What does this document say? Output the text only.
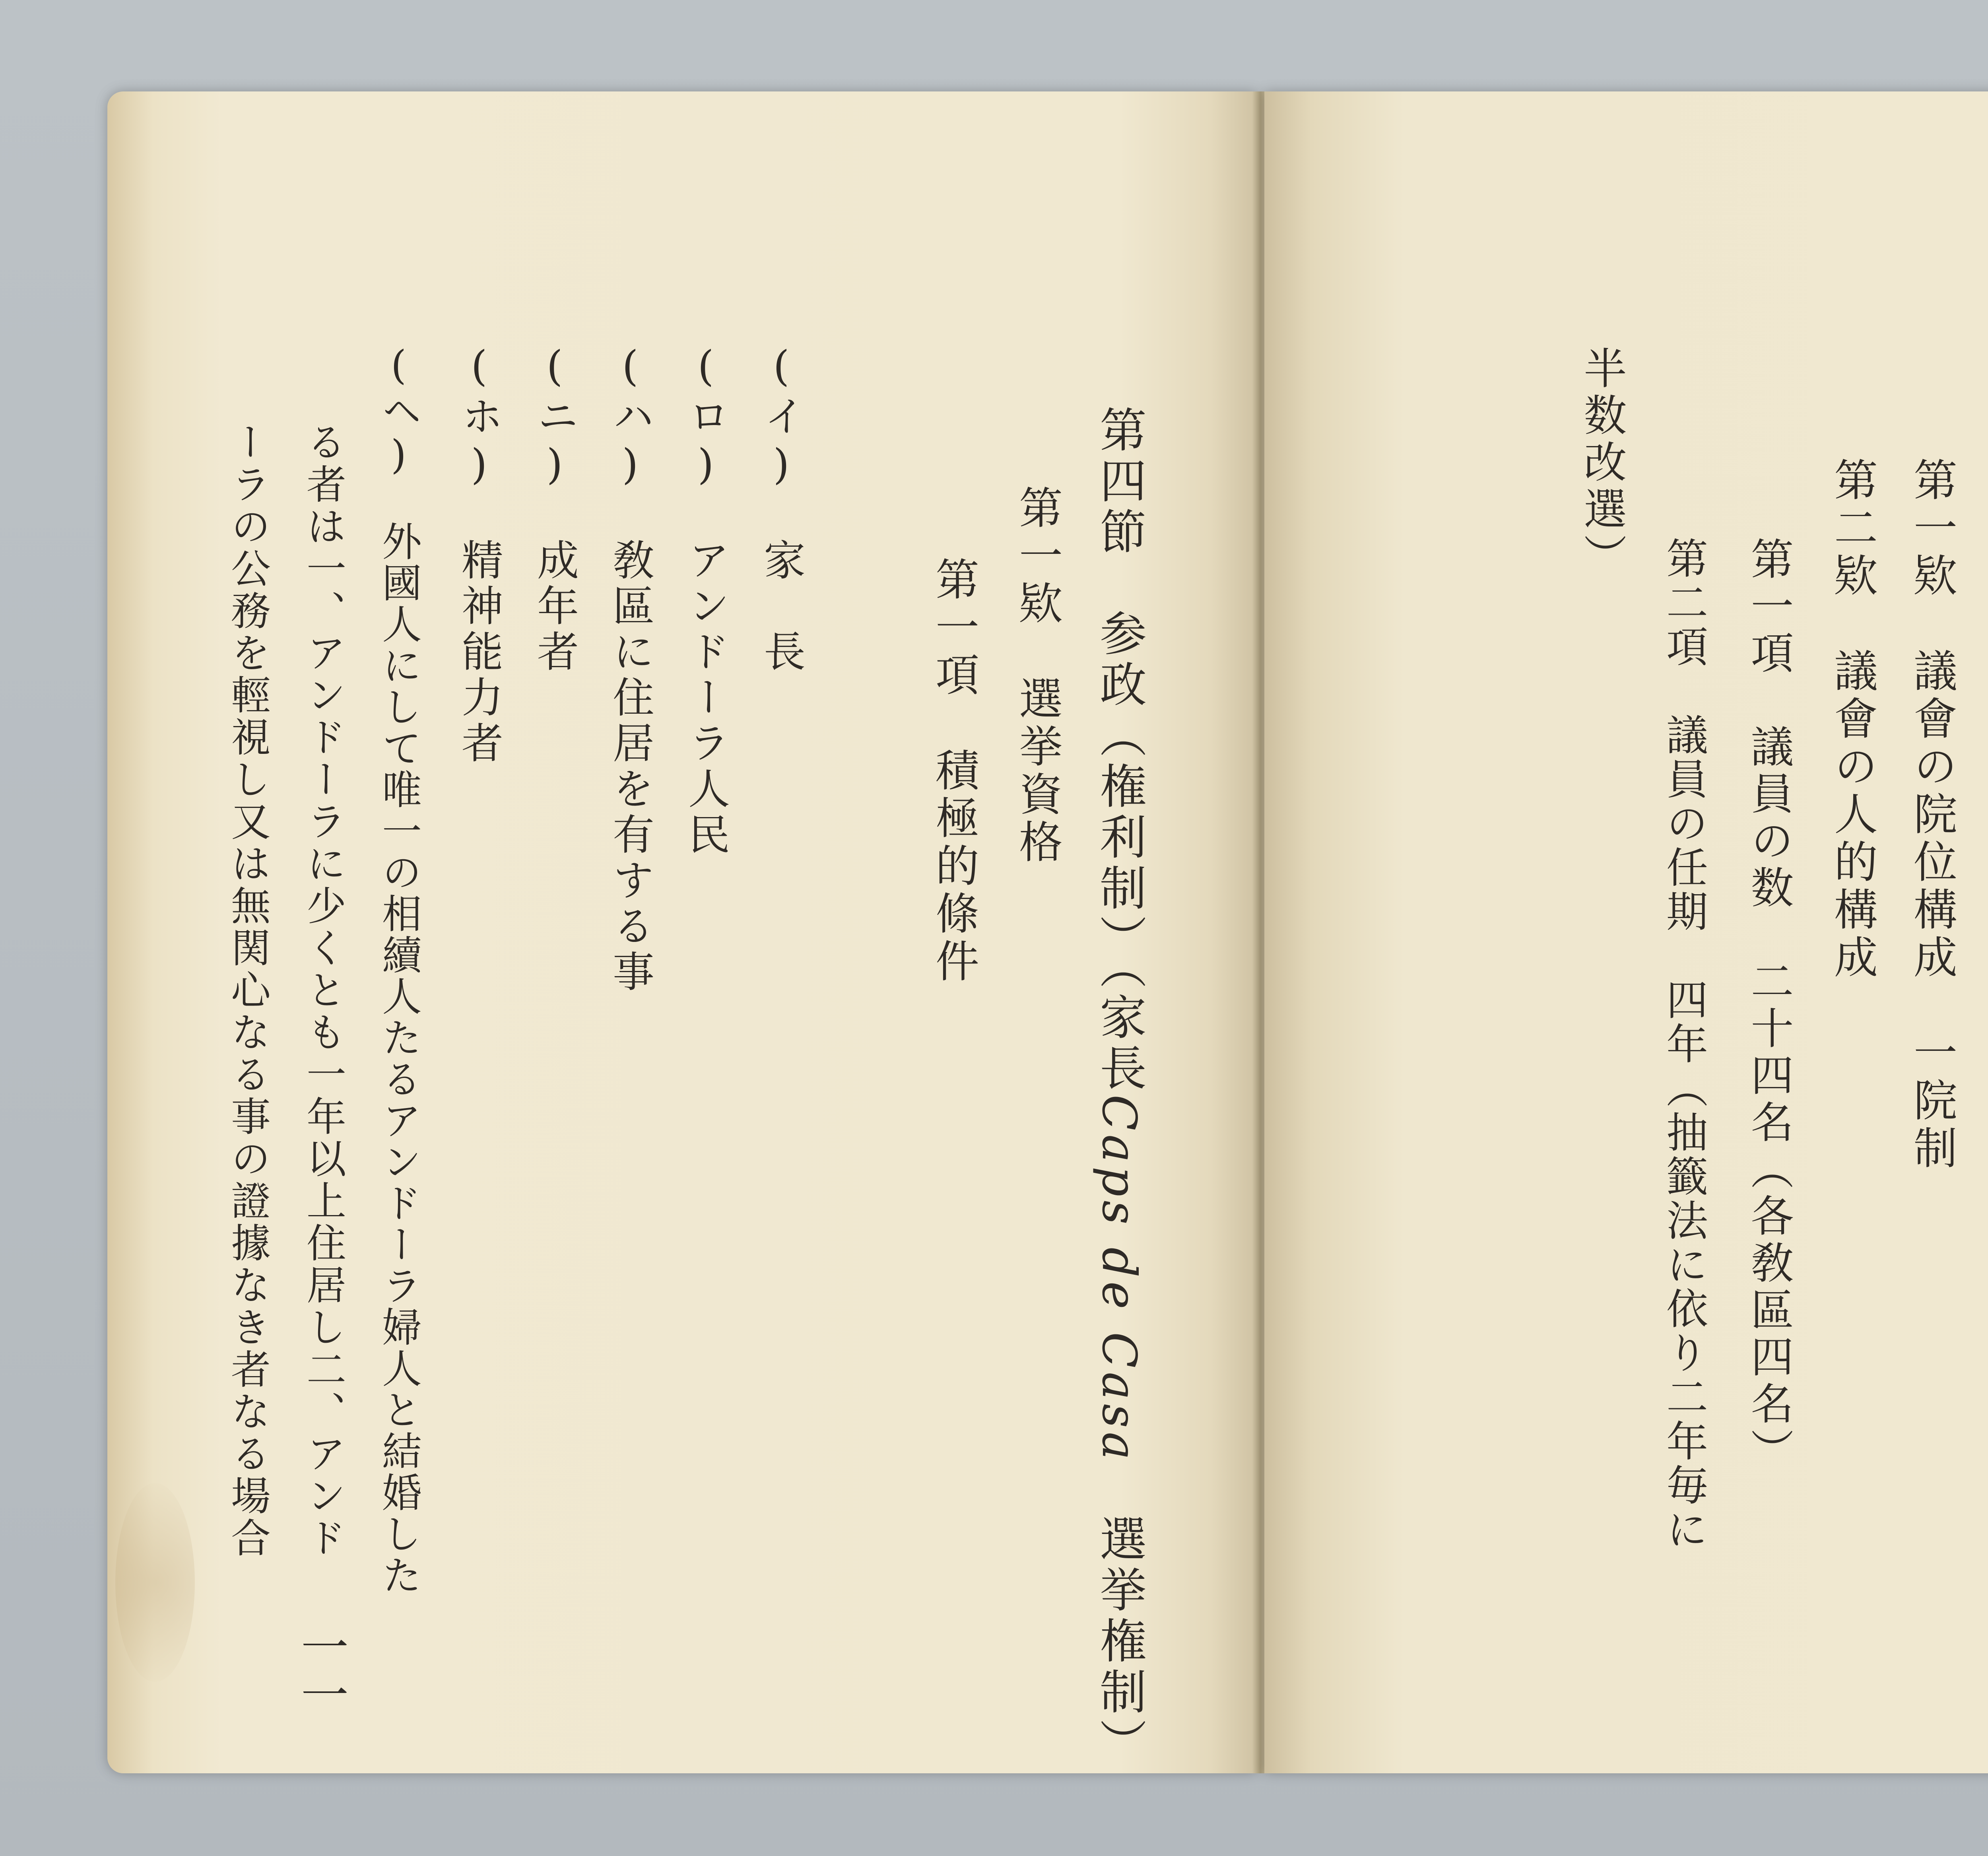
第四節　参政（権利制）（家長Caps de Casa　選挙権制）
第一欵　選挙資格
第一項　積極的條件
(イ)　家　長
(ロ)　アンドーラ人民
(ハ)　敎區に住居を有する事
(ニ)　成年者
(ホ)　精神能力者
(ヘ)　外國人にして唯一の相續人たるアンドーラ婦人と結婚した
る者は一、アンドーラに少くとも一年以上住居し二、アンド
ーラの公務を輕視し又は無関心なる事の證據なき者なる場合
一一
第一欵　議會の院位構成　一院制
第二欵　議會の人的構成
第一項　議員の数　二十四名（各敎區四名）
第二項　議員の任期　四年（抽籤法に依り二年毎に
半数改選）
